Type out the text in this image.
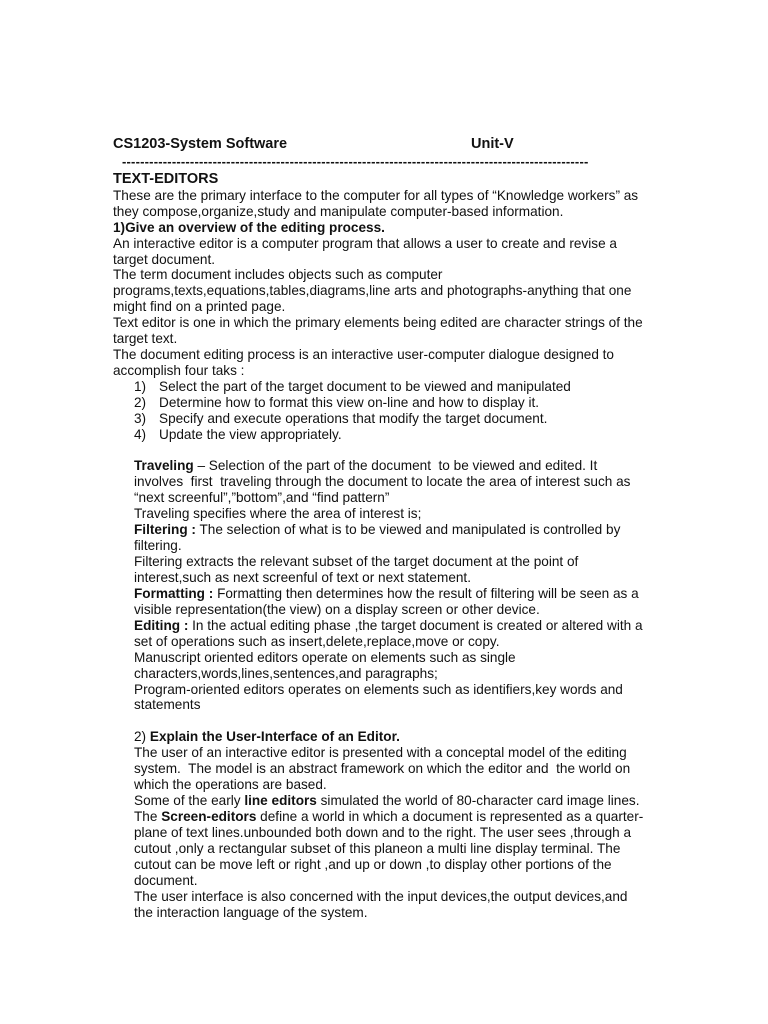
CS1203-System Software	Unit-V
-------------------------------------------------------------------------------------------------------
TEXT-EDITORS
These are the primary interface to the computer for all types of “Knowledge workers” as
they compose,organize,study and manipulate computer-based information.
1)Give an overview of the editing process.
An interactive editor is a computer program that allows a user to create and revise a
target document.
The term document includes objects such as computer
programs,texts,equations,tables,diagrams,line arts and photographs-anything that one
might find on a printed page.
Text editor is one in which the primary elements being edited are character strings of the
target text.
The document editing process is an interactive user-computer dialogue designed to
accomplish four taks :
1) Select the part of the target document to be viewed and manipulated
2) Determine how to format this view on-line and how to display it.
3) Specify and execute operations that modify the target document.
4) Update the view appropriately.
Traveling – Selection of the part of the document  to be viewed and edited. It
involves  first  traveling through the document to locate the area of interest such as
“next screenful”,”bottom”,and “find pattern”
Traveling specifies where the area of interest is;
Filtering : The selection of what is to be viewed and manipulated is controlled by
filtering.
Filtering extracts the relevant subset of the target document at the point of
interest,such as next screenful of text or next statement.
Formatting : Formatting then determines how the result of filtering will be seen as a
visible representation(the view) on a display screen or other device.
Editing : In the actual editing phase ,the target document is created or altered with a
set of operations such as insert,delete,replace,move or copy.
Manuscript oriented editors operate on elements such as single
characters,words,lines,sentences,and paragraphs;
Program-oriented editors operates on elements such as identifiers,key words and
statements
2) Explain the User-Interface of an Editor.
The user of an interactive editor is presented with a conceptal model of the editing
system.  The model is an abstract framework on which the editor and  the world on
which the operations are based.
Some of the early line editors simulated the world of 80-character card image lines.
The Screen-editors define a world in which a document is represented as a quarter-
plane of text lines.unbounded both down and to the right. The user sees ,through a
cutout ,only a rectangular subset of this planeon a multi line display terminal. The
cutout can be move left or right ,and up or down ,to display other portions of the
document.
The user interface is also concerned with the input devices,the output devices,and
the interaction language of the system.
